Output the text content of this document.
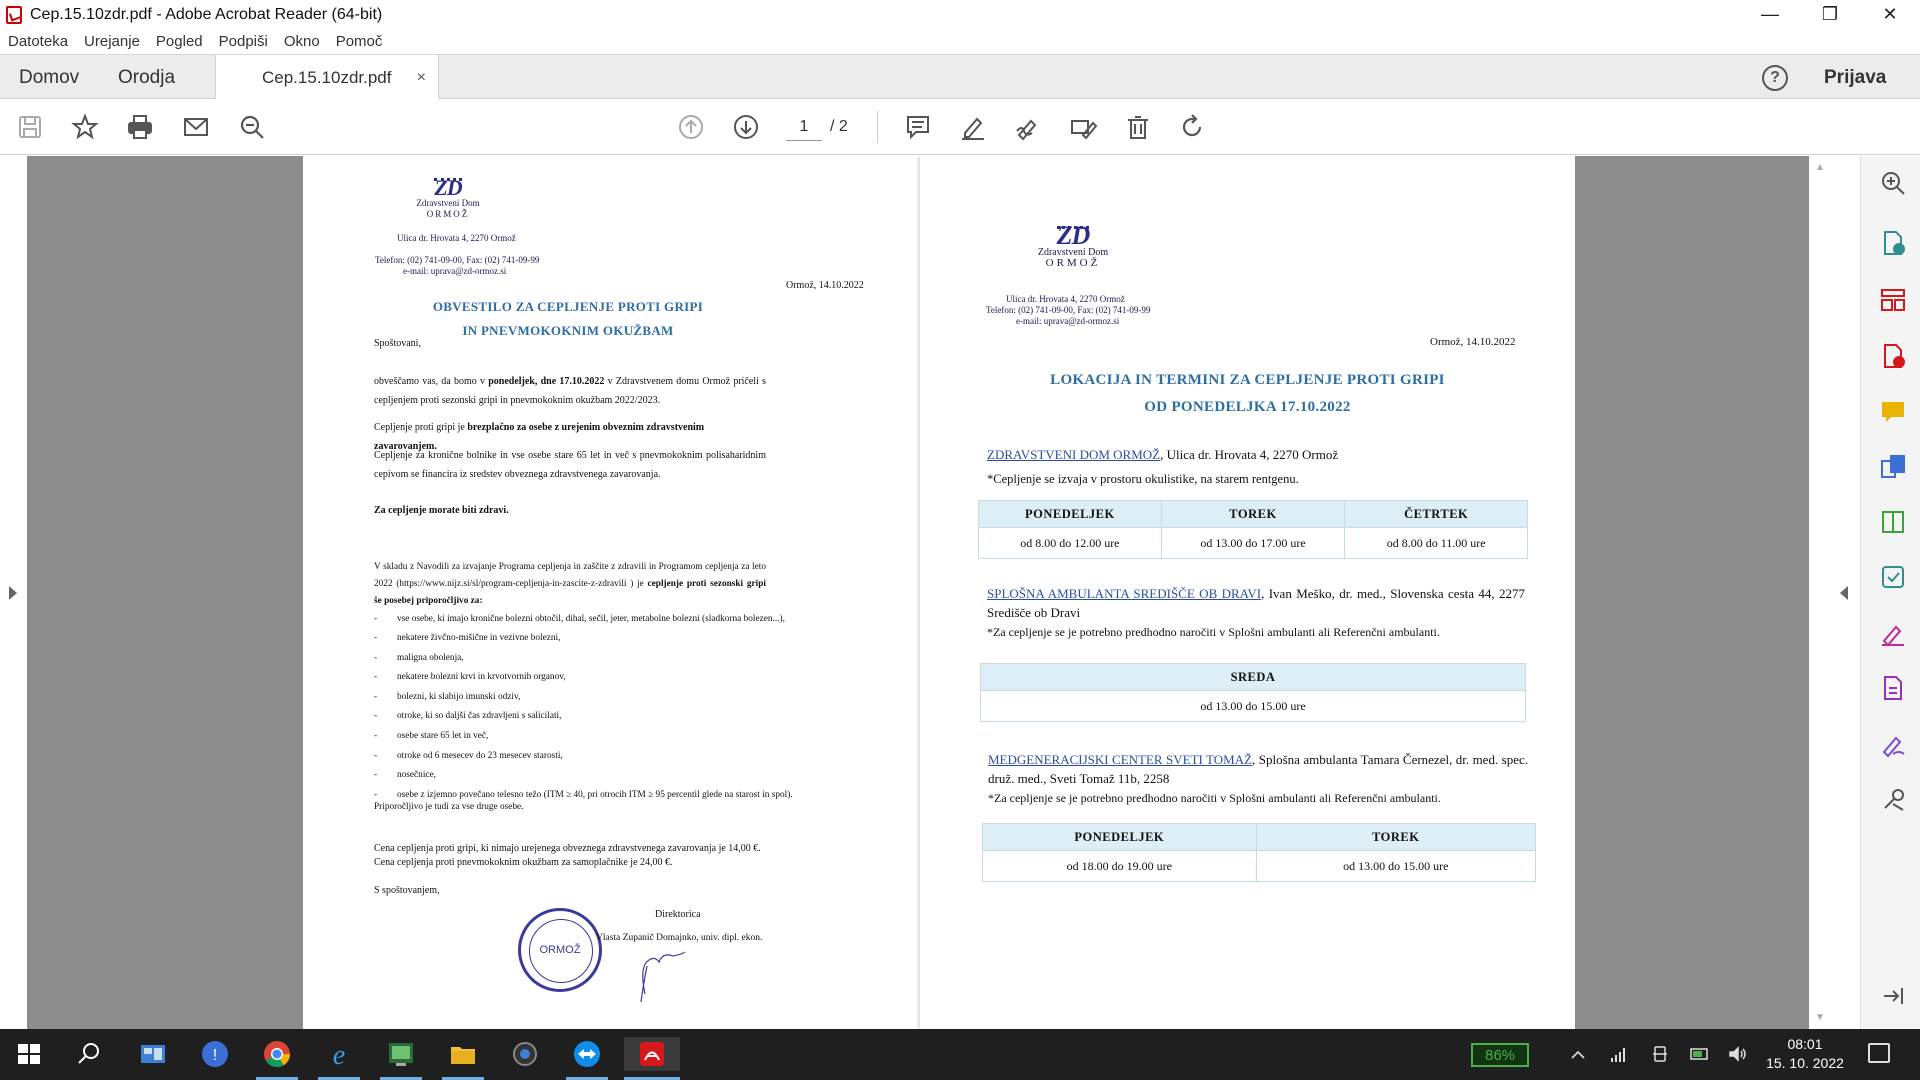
Cep.15.10zdr.pdf - Adobe Acrobat Reader (64-bit)	—	❐	✕
Datoteka	Urejanje	Pogled	Podpiši	Okno	Pomoč
Domov Orodja	Cep.15.10zdr.pdf ×	?	Prijava
1	/ 2
ZD
Zdravstveni Dom
ORMOŽ
Ulica dr. Hrovata 4, 2270 Ormož
Telefon: (02) 741-09-00, Fax: (02) 741-09-99
e-mail: uprava@zd-ormoz.si
Ormož, 14.10.2022
OBVESTILO ZA CEPLJENJE PROTI GRIPI
IN PNEVMOKOKNIM OKUŽBAM
Spoštovani,
obveščamo vas, da bomo v ponedeljek, dne 17.10.2022 v Zdravstvenem domu Ormož pričeli s cepljenjem proti sezonski gripi in pnevmokoknim okužbam 2022/2023.
Cepljenje proti gripi je brezplačno za osebe z urejenim obveznim zdravstvenim zavarovanjem.
Cepljenje za kronične bolnike in vse osebe stare 65 let in več s pnevmokoknim polisaharidnim cepivom se financira iz sredstev obveznega zdravstvenega zavarovanja.
Za cepljenje morate biti zdravi.
V skladu z Navodili za izvajanje Programa cepljenja in zaščite z zdravili in Programom cepljenja za leto 2022 (https://www.nijz.si/sl/program-cepljenja-in-zascite-z-zdravili ) je cepljenje proti sezonski gripi še posebej priporočljivo za:
- vse osebe, ki imajo kronične bolezni obtočil, dihal, sečil, jeter, metabolne bolezni (sladkorna bolezen...),
- nekatere živčno-mišične in vezivne bolezni,
- maligna obolenja,
- nekatere bolezni krvi in krvotvornih organov,
- bolezni, ki slabijo imunski odziv,
- otroke, ki so daljši čas zdravljeni s salicilati,
- osebe stare 65 let in več,
- otroke od 6 mesecev do 23 mesecev starosti,
- nosečnice,
- osebe z izjemno povečano telesno težo (ITM ≥ 40, pri otrocih ITM ≥ 95 percentil glede na starost in spol).
Priporočljivo je tudi za vse druge osebe.
Cena cepljenja proti gripi, ki nimajo urejenega obveznega zdravstvenega zavarovanja je 14,00 €.
Cena cepljenja proti pnevmokoknim okužbam za samoplačnike je 24,00 €.
S spoštovanjem,
ORMOŽ
Direktorica
Vlasta Zupanič Domajnko, univ. dipl. ekon.
ZD
Zdravstveni Dom
ORMOŽ
Ulica dr. Hrovata 4, 2270 Ormož
Telefon: (02) 741-09-00, Fax: (02) 741-09-99
e-mail: uprava@zd-ormoz.si
Ormož, 14.10.2022
LOKACIJA IN TERMINI ZA CEPLJENJE PROTI GRIPI
OD PONEDELJKA 17.10.2022
ZDRAVSTVENI DOM ORMOŽ, Ulica dr. Hrovata 4, 2270 Ormož
*Cepljenje se izvaja v prostoru okulistike, na starem rentgenu.
PONEDELJEK	TOREK	ČETRTEK
od 8.00 do 12.00 ure	od 13.00 do 17.00 ure	od 8.00 do 11.00 ure
SPLOŠNA AMBULANTA SREDIŠČE OB DRAVI, Ivan Meško, dr. med., Slovenska cesta 44, 2277 Središče ob Dravi
*Za cepljenje se je potrebno predhodno naročiti v Splošni ambulanti ali Referenčni ambulanti.
SREDA
od 13.00 do 15.00 ure
MEDGENERACIJSKI CENTER SVETI TOMAŽ, Splošna ambulanta Tamara Černezel, dr. med. spec. druž. med., Sveti Tomaž 11b, 2258
*Za cepljenje se je potrebno predhodno naročiti v Splošni ambulanti ali Referenčni ambulanti.
PONEDELJEK	TOREK
od 18.00 do 19.00 ure	od 13.00 do 15.00 ure
▲
▼
!	e	86%
08:01
15. 10. 2022
